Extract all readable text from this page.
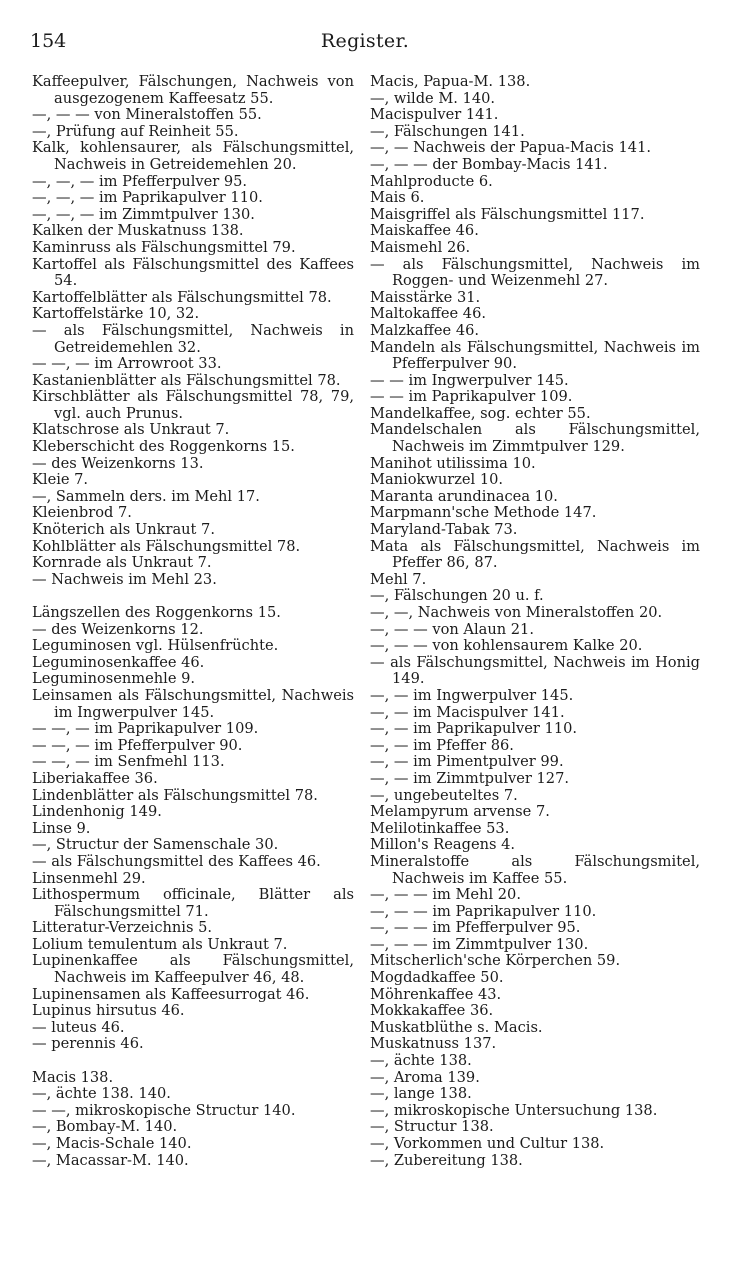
154	Register.
Kaffeepulver, Fälschungen, Nachweis von ausgezogenem Kaffeesatz 55.
—, — — von Mineralstoffen 55.
—, Prüfung auf Reinheit 55.
Kalk, kohlensaurer, als Fälschungsmittel, Nachweis in Getreidemehlen 20.
—, —, — im Pfefferpulver 95.
—, —, — im Paprikapulver 110.
—, —, — im Zimmtpulver 130.
Kalken der Muskatnuss 138.
Kaminruss als Fälschungsmittel 79.
Kartoffel als Fälschungsmittel des Kaffees 54.
Kartoffelblätter als Fälschungsmittel 78.
Kartoffelstärke 10, 32.
— als Fälschungsmittel, Nachweis in Getreidemehlen 32.
— —, — im Arrowroot 33.
Kastanienblätter als Fälschungsmittel 78.
Kirschblätter als Fälschungsmittel 78, 79, vgl. auch Prunus.
Klatschrose als Unkraut 7.
Kleberschicht des Roggenkorns 15.
— des Weizenkorns 13.
Kleie 7.
—, Sammeln ders. im Mehl 17.
Kleienbrod 7.
Knöterich als Unkraut 7.
Kohlblätter als Fälschungsmittel 78.
Kornrade als Unkraut 7.
— Nachweis im Mehl 23.
Längszellen des Roggenkorns 15.
— des Weizenkorns 12.
Leguminosen vgl. Hülsenfrüchte.
Leguminosenkaffee 46.
Leguminosenmehle 9.
Leinsamen als Fälschungsmittel, Nachweis im Ingwerpulver 145.
— —, — im Paprikapulver 109.
— —, — im Pfefferpulver 90.
— —, — im Senfmehl 113.
Liberiakaffee 36.
Lindenblätter als Fälschungsmittel 78.
Lindenhonig 149.
Linse 9.
—, Structur der Samenschale 30.
— als Fälschungsmittel des Kaffees 46.
Linsenmehl 29.
Lithospermum officinale, Blätter als Fälschungsmittel 71.
Litteratur-Verzeichnis 5.
Lolium temulentum als Unkraut 7.
Lupinenkaffee als Fälschungsmittel, Nachweis im Kaffeepulver 46, 48.
Lupinensamen als Kaffeesurrogat 46.
Lupinus hirsutus 46.
— luteus 46.
— perennis 46.
Macis 138.
—, ächte 138. 140.
— —, mikroskopische Structur 140.
—, Bombay-M. 140.
—, Macis-Schale 140.
—, Macassar-M. 140.
Macis, Papua-M. 138.
—, wilde M. 140.
Macispulver 141.
—, Fälschungen 141.
—, — Nachweis der Papua-Macis 141.
—, — — der Bombay-Macis 141.
Mahlproducte 6.
Mais 6.
Maisgriffel als Fälschungsmittel 117.
Maiskaffee 46.
Maismehl 26.
— als Fälschungsmittel, Nachweis im Roggen- und Weizenmehl 27.
Maisstärke 31.
Maltokaffee 46.
Malzkaffee 46.
Mandeln als Fälschungsmittel, Nachweis im Pfefferpulver 90.
— — im Ingwerpulver 145.
— — im Paprikapulver 109.
Mandelkaffee, sog. echter 55.
Mandelschalen als Fälschungsmittel, Nachweis im Zimmtpulver 129.
Manihot utilissima 10.
Maniokwurzel 10.
Maranta arundinacea 10.
Marpmann'sche Methode 147.
Maryland-Tabak 73.
Mata als Fälschungsmittel, Nachweis im Pfeffer 86, 87.
Mehl 7.
—, Fälschungen 20 u. f.
—, —, Nachweis von Mineralstoffen 20.
—, — — von Alaun 21.
—, — — von kohlensaurem Kalke 20.
— als Fälschungsmittel, Nachweis im Honig 149.
—, — im Ingwerpulver 145.
—, — im Macispulver 141.
—, — im Paprikapulver 110.
—, — im Pfeffer 86.
—, — im Pimentpulver 99.
—, — im Zimmtpulver 127.
—, ungebeuteltes 7.
Melampyrum arvense 7.
Melilotinkaffee 53.
Millon's Reagens 4.
Mineralstoffe als Fälschungsmitel, Nachweis im Kaffee 55.
—, — — im Mehl 20.
—, — — im Paprikapulver 110.
—, — — im Pfefferpulver 95.
—, — — im Zimmtpulver 130.
Mitscherlich'sche Körperchen 59.
Mogdadkaffee 50.
Möhrenkaffee 43.
Mokkakaffee 36.
Muskatblüthe s. Macis.
Muskatnuss 137.
—, ächte 138.
—, Aroma 139.
—, lange 138.
—, mikroskopische Untersuchung 138.
—, Structur 138.
—, Vorkommen und Cultur 138.
—, Zubereitung 138.
